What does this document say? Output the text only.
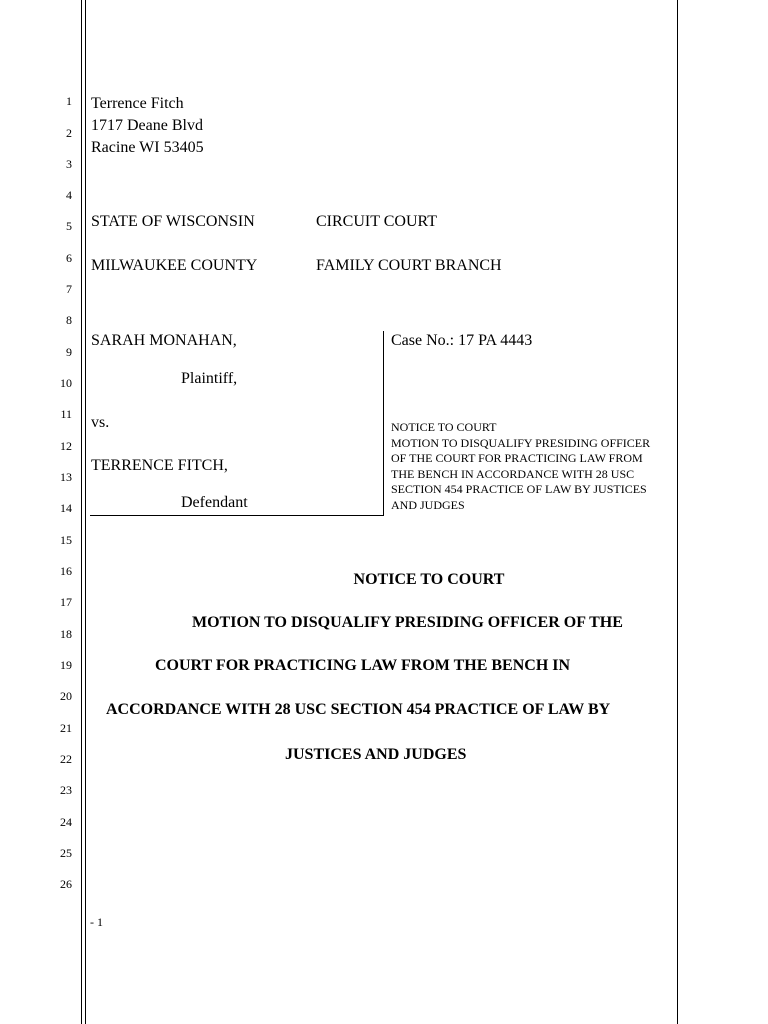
1
2
3
4
5
6
7
8
9
10
11
12
13
14
15
16
17
18
19
20
21
22
23
24
25
26
Terrence Fitch
1717 Deane Blvd
Racine WI 53405
STATE OF WISCONSIN	CIRCUIT COURT
MILWAUKEE COUNTY	FAMILY COURT BRANCH
SARAH MONAHAN,
Plaintiff,
vs.
TERRENCE FITCH,
Defendant
Case No.: 17 PA 4443
NOTICE TO COURT
MOTION TO DISQUALIFY PRESIDING OFFICER
OF THE COURT FOR PRACTICING LAW FROM
THE BENCH IN ACCORDANCE WITH 28 USC
SECTION 454 PRACTICE OF LAW BY JUSTICES
AND JUDGES
NOTICE TO COURT
MOTION TO DISQUALIFY PRESIDING OFFICER OF THE
COURT FOR PRACTICING LAW FROM THE BENCH IN
ACCORDANCE WITH 28 USC SECTION 454 PRACTICE OF LAW BY
JUSTICES AND JUDGES
- 1
